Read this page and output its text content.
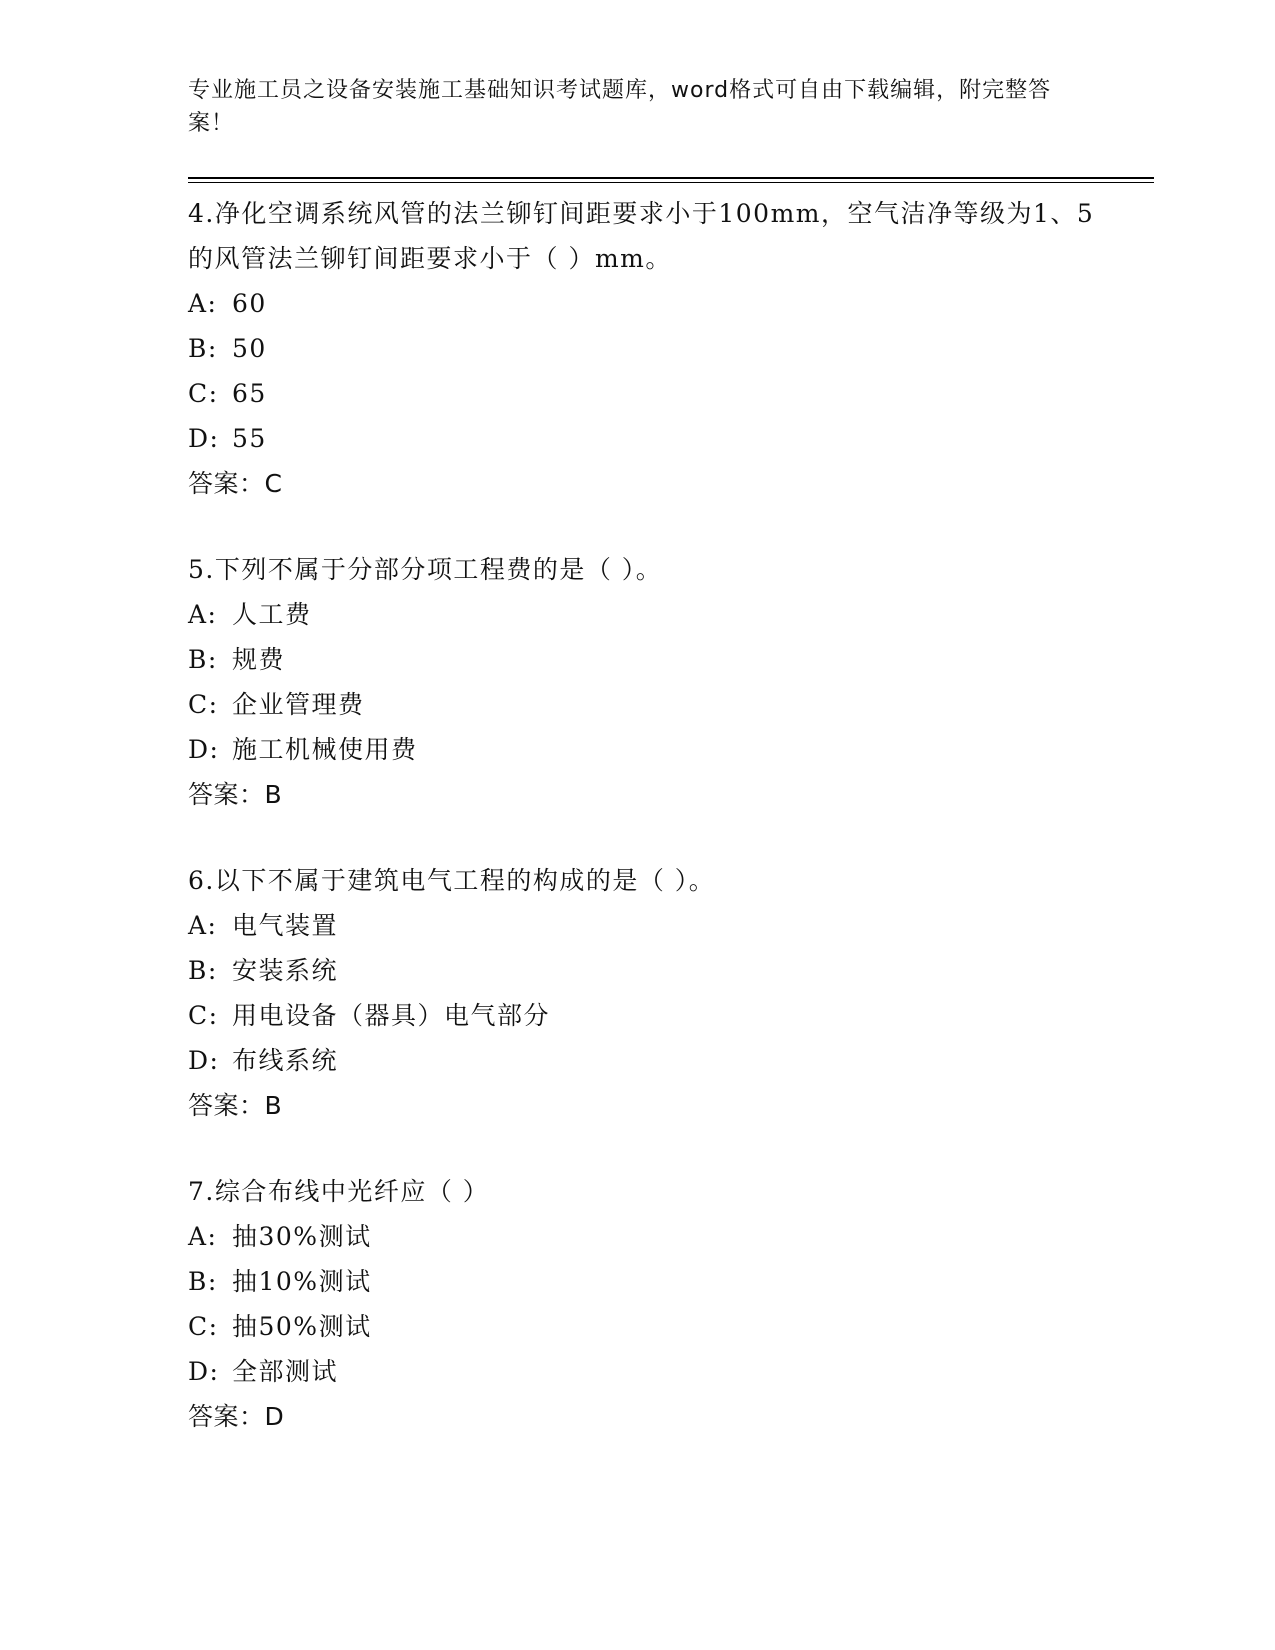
专业施工员之设备安装施工基础知识考试题库，word格式可自由下载编辑，附完整答案！

4.净化空调系统风管的法兰铆钉间距要求小于100mm，空气洁净等级为1、5的风管法兰铆钉间距要求小于（ ）mm。

A: 60
B: 50
C: 65
D: 55
答案：C

5.下列不属于分部分项工程费的是（ ）。

A: 人工费
B: 规费
C: 企业管理费
D: 施工机械使用费
答案：B

6.以下不属于建筑电气工程的构成的是（ ）。

A: 电气装置
B: 安装系统
C: 用电设备（器具）电气部分
D: 布线系统
答案：B

7.综合布线中光纤应（ ）

A: 抽30%测试
B: 抽10%测试
C: 抽50%测试
D: 全部测试
答案：D
